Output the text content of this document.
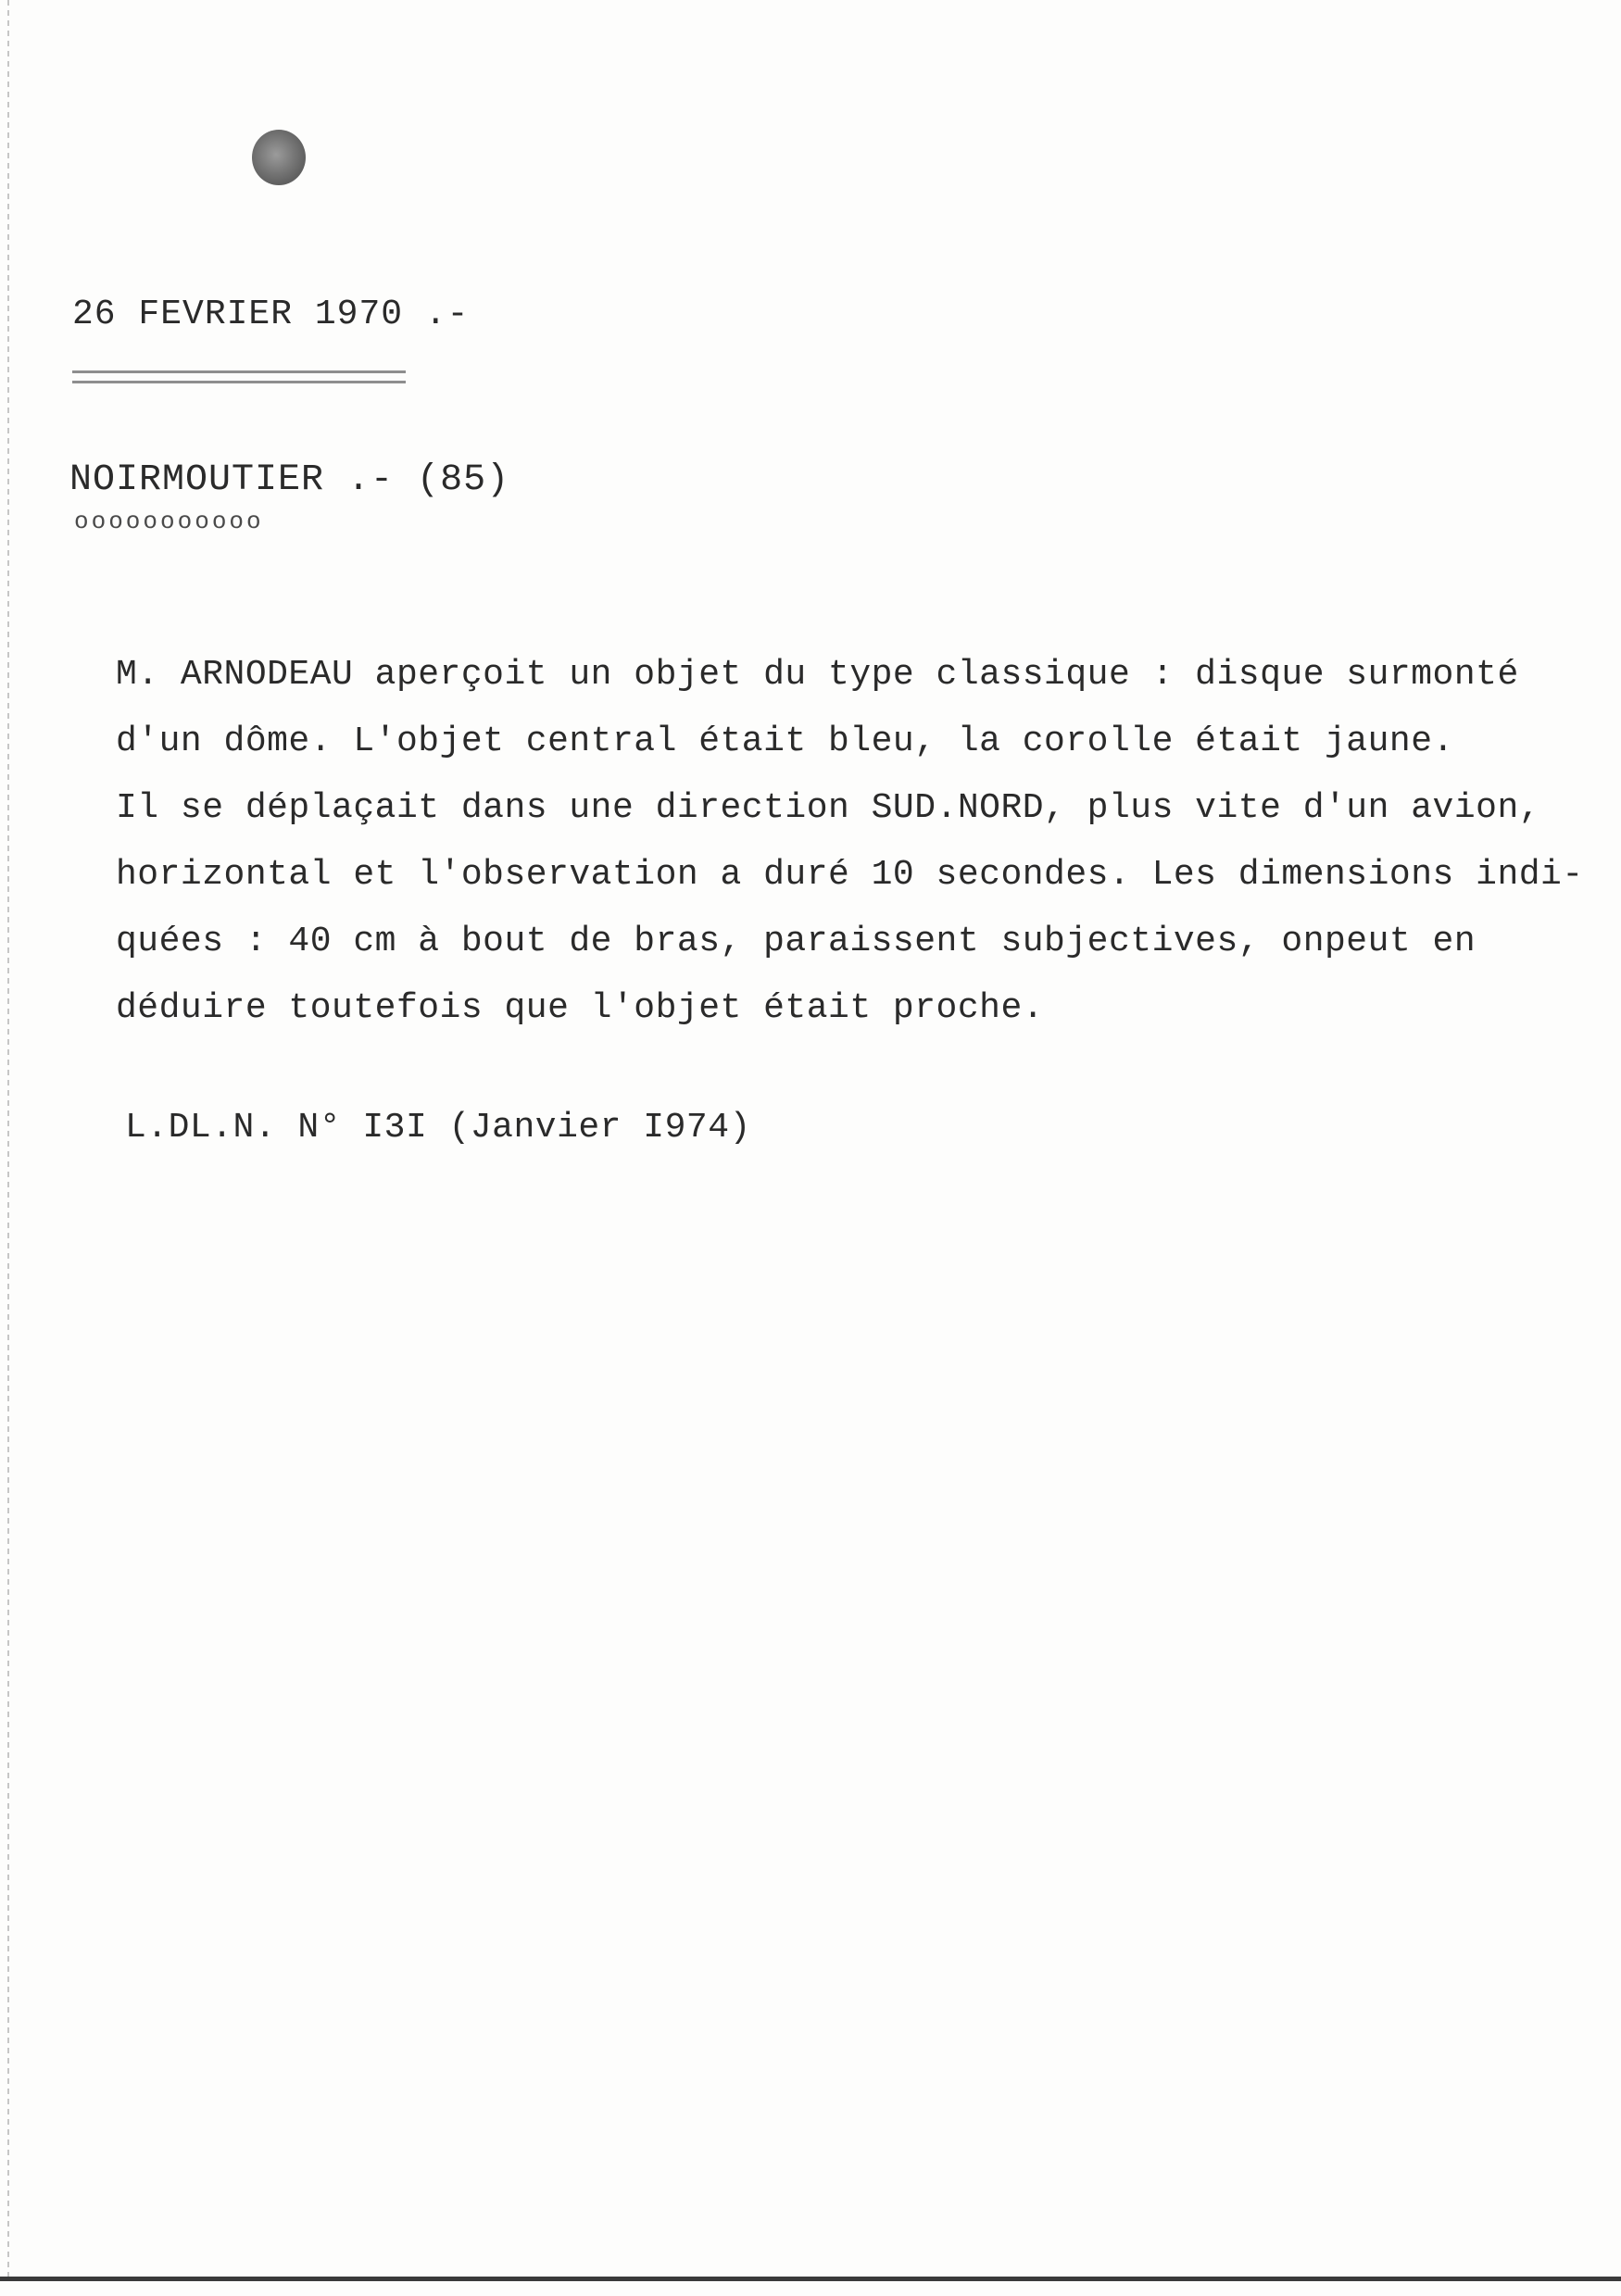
26 FEVRIER 1970 .-
NOIRMOUTIER .- (85)
ooooooooooo
M. ARNODEAU aperçoit un objet du type classique : disque surmonté
d'un dôme. L'objet central était bleu, la corolle était jaune.
Il se déplaçait dans une direction SUD.NORD, plus vite d'un avion,
horizontal et l'observation a duré 10 secondes. Les dimensions indi-
quées : 40 cm à bout de bras, paraissent subjectives, onpeut en
déduire toutefois que l'objet était proche.
L.DL.N. N° I3I (Janvier I974)
